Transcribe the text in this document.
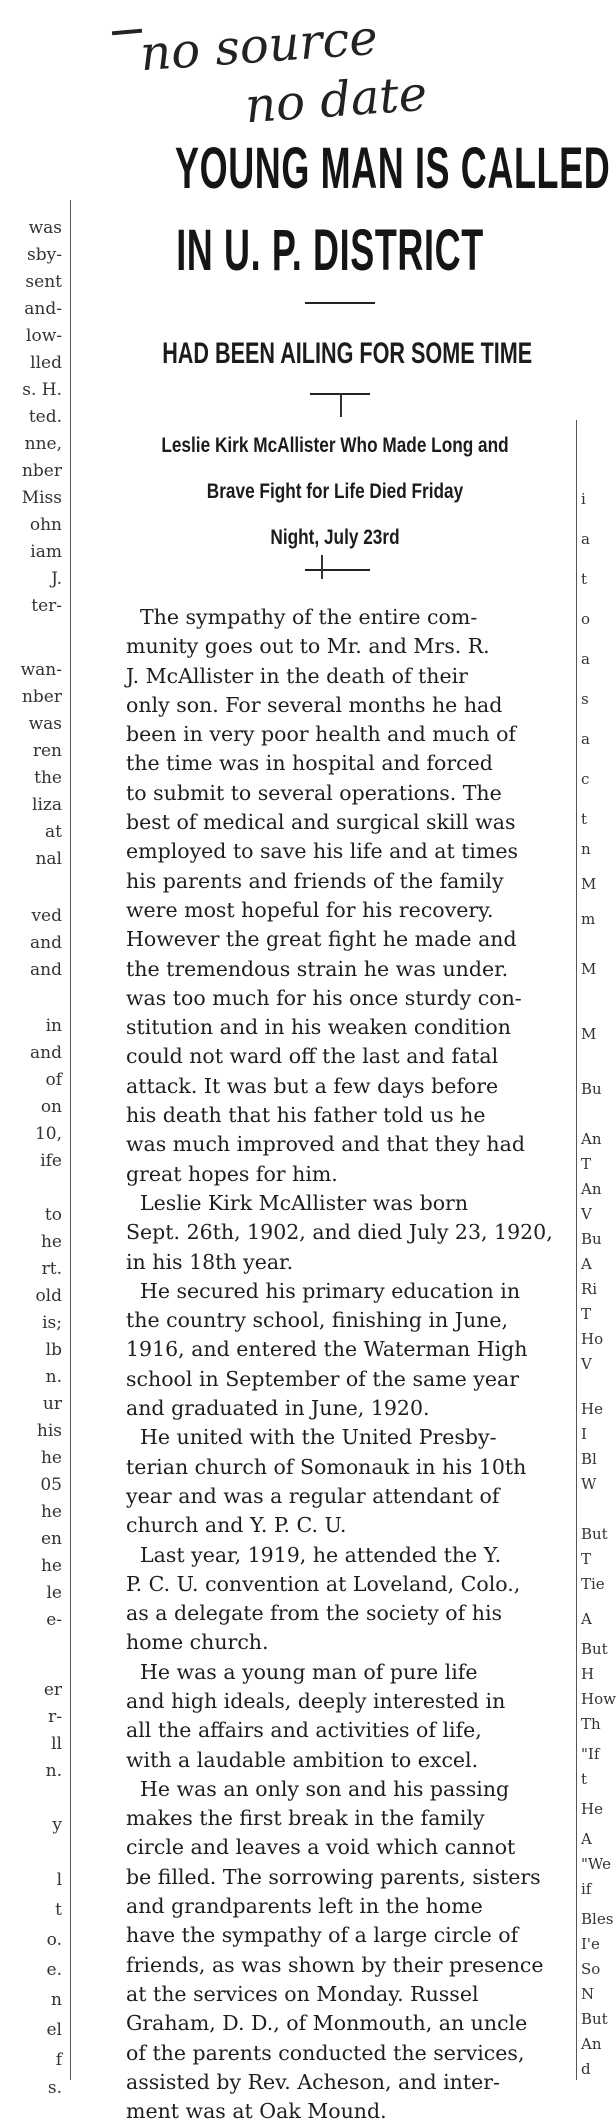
was
sby-
sent
and-
low-
lled
s. H.
ted.
nne,
nber
Miss
ohn
iam
J.
ter-
wan-
nber
was
ren
the
liza
at
nal
ved
and
and
in
and
of
on
10,
ife
to
he
rt.
old
is;
lb
n.
ur
his
he
05
he
en
he
le
e-
er
r-
ll
n.
y
l
t
o.
e.
n
el
f
s.
no source
no date
YOUNG MAN IS CALLED
IN U. P. DISTRICT
HAD BEEN AILING FOR SOME TIME
Leslie Kirk McAllister Who Made Long and
Brave Fight for Life Died Friday
Night, July 23rd
The sympathy of the entire com-
munity goes out to Mr. and Mrs. R.
J. McAllister in the death of their
only son. For several months he had
been in very poor health and much of
the time was in hospital and forced
to submit to several operations. The
best of medical and surgical skill was
employed to save his life and at times
his parents and friends of the family
were most hopeful for his recovery.
However the great fight he made and
the tremendous strain he was under.
was too much for his once sturdy con-
stitution and in his weaken condition
could not ward off the last and fatal
attack. It was but a few days before
his death that his father told us he
was much improved and that they had
great hopes for him.
Leslie Kirk McAllister was born
Sept. 26th, 1902, and died July 23, 1920,
in his 18th year.
He secured his primary education in
the country school, finishing in June,
1916, and entered the Waterman High
school in September of the same year
and graduated in June, 1920.
He united with the United Presby-
terian church of Somonauk in his 10th
year and was a regular attendant of
church and Y. P. C. U.
Last year, 1919, he attended the Y.
P. C. U. convention at Loveland, Colo.,
as a delegate from the society of his
home church.
He was a young man of pure life
and high ideals, deeply interested in
all the affairs and activities of life,
with a laudable ambition to excel.
He was an only son and his passing
makes the first break in the family
circle and leaves a void which cannot
be filled. The sorrowing parents, sisters
and grandparents left in the home
have the sympathy of a large circle of
friends, as was shown by their presence
at the services on Monday. Russel
Graham, D. D., of Monmouth, an uncle
of the parents conducted the services,
assisted by Rev. Acheson, and inter-
ment was at Oak Mound.
i
a
t
o
a
s
a
c
t
n
M
m
M
M
Bu
An
T
An
V
Bu
A
Ri
T
Ho
V
He
I
Bl
W
But
T
Tie
A
But
H
How
Th
"If
t
He
A
"We
if
Bles
I'e
So
N
But
An
d
